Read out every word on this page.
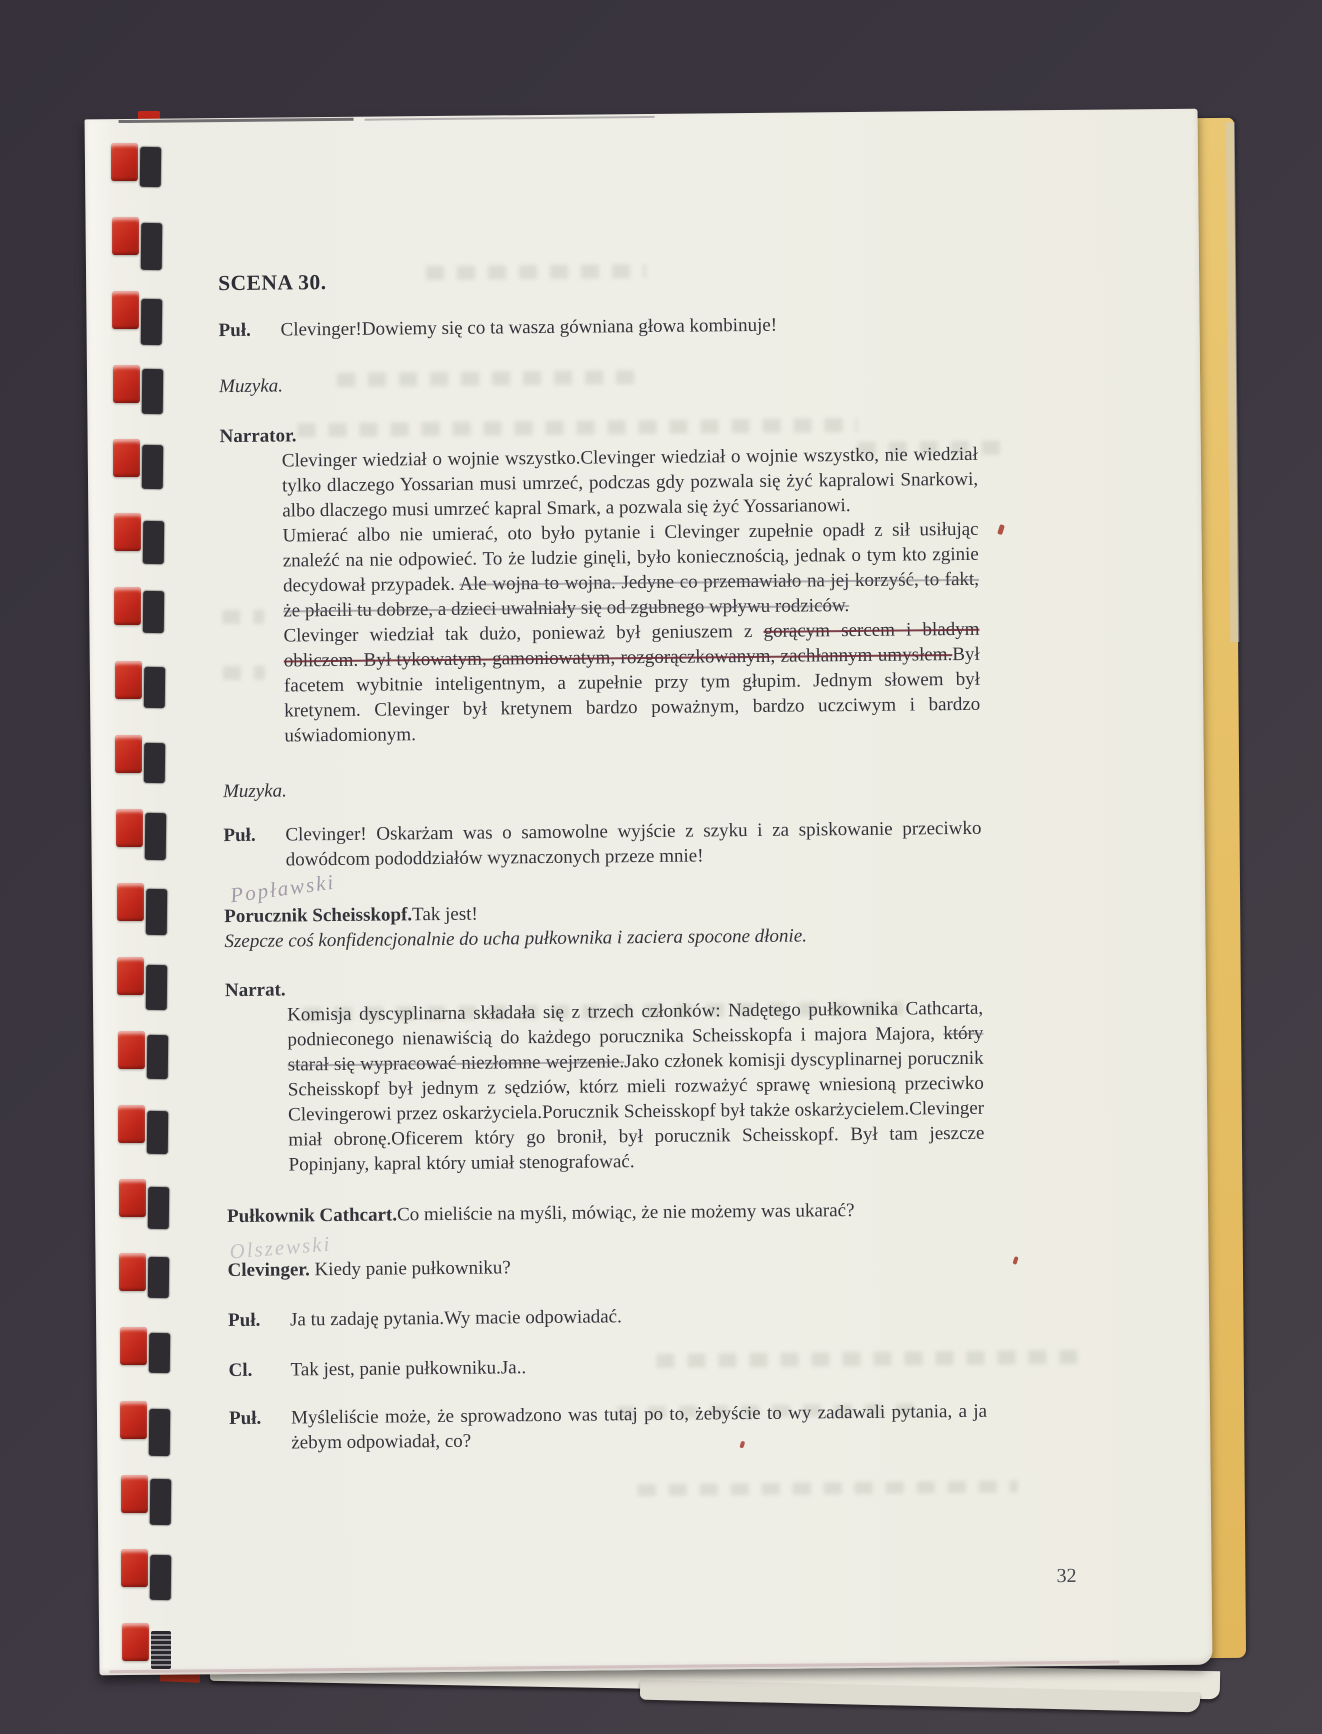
SCENA 30.
Puł. Clevinger!Dowiemy się co ta wasza gówniana głowa kombinuje!
Muzyka.
Narrator.
Clevinger wiedział o wojnie wszystko.Clevinger wiedział o wojnie wszystko, nie wiedział tylko dlaczego Yossarian musi umrzeć, podczas gdy pozwala się żyć kapralowi Snarkowi, albo dlaczego musi umrzeć kapral Smark, a pozwala się żyć Yossarianowi.
Umierać albo nie umierać, oto było pytanie i Clevinger zupełnie opadł z sił usiłując znaleźć na nie odpowieć. To że ludzie ginęli, było koniecznością, jednak o tym kto zginie decydował przypadek. Ale wojna to wojna. Jedyne co przemawiało na jej korzyść, to fakt, że płacili tu dobrze, a dzieci uwalniały się od zgubnego wpływu rodziców.
Clevinger wiedział tak dużo, ponieważ był geniuszem z gorącym sercem i bladym obliczem. Był tykowatym, gamoniowatym, rozgorączkowanym, zachłannym umysłem.Był facetem wybitnie inteligentnym, a zupełnie przy tym głupim. Jednym słowem był kretynem. Clevinger był kretynem bardzo poważnym, bardzo uczciwym i bardzo uświadomionym.
Muzyka.
Puł. Clevinger! Oskarżam was o samowolne wyjście z szyku i za spiskowanie przeciwko dowódcom pododdziałów wyznaczonych przeze mnie!
Popławski
Porucznik Scheisskopf.Tak jest!
Szepcze coś konfidencjonalnie do ucha pułkownika i zaciera spocone dłonie.
Narrat.
Komisja dyscyplinarna składała się z trzech członków: Nadętego pułkownika Cathcarta, podnieconego nienawiścią do każdego porucznika Scheisskopfa i majora Majora, który starał się wypracować niezłomne wejrzenie.Jako członek komisji dyscyplinarnej porucznik Scheisskopf był jednym z sędziów, którz mieli rozważyć sprawę wniesioną przeciwko Clevingerowi przez oskarżyciela.Porucznik Scheisskopf był także oskarżycielem.Clevinger miał obronę.Oficerem który go bronił, był porucznik Scheisskopf. Był tam jeszcze Popinjany, kapral który umiał stenografować.
Pułkownik Cathcart.Co mieliście na myśli, mówiąc, że nie możemy was ukarać?
Olszewski
Clevinger. Kiedy panie pułkowniku?
Puł. Ja tu zadaję pytania.Wy macie odpowiadać.
Cl. Tak jest, panie pułkowniku.Ja..
Puł. Myśleliście może, że sprowadzono was tutaj po to, żebyście to wy zadawali pytania, a ja żebym odpowiadał, co?
32
